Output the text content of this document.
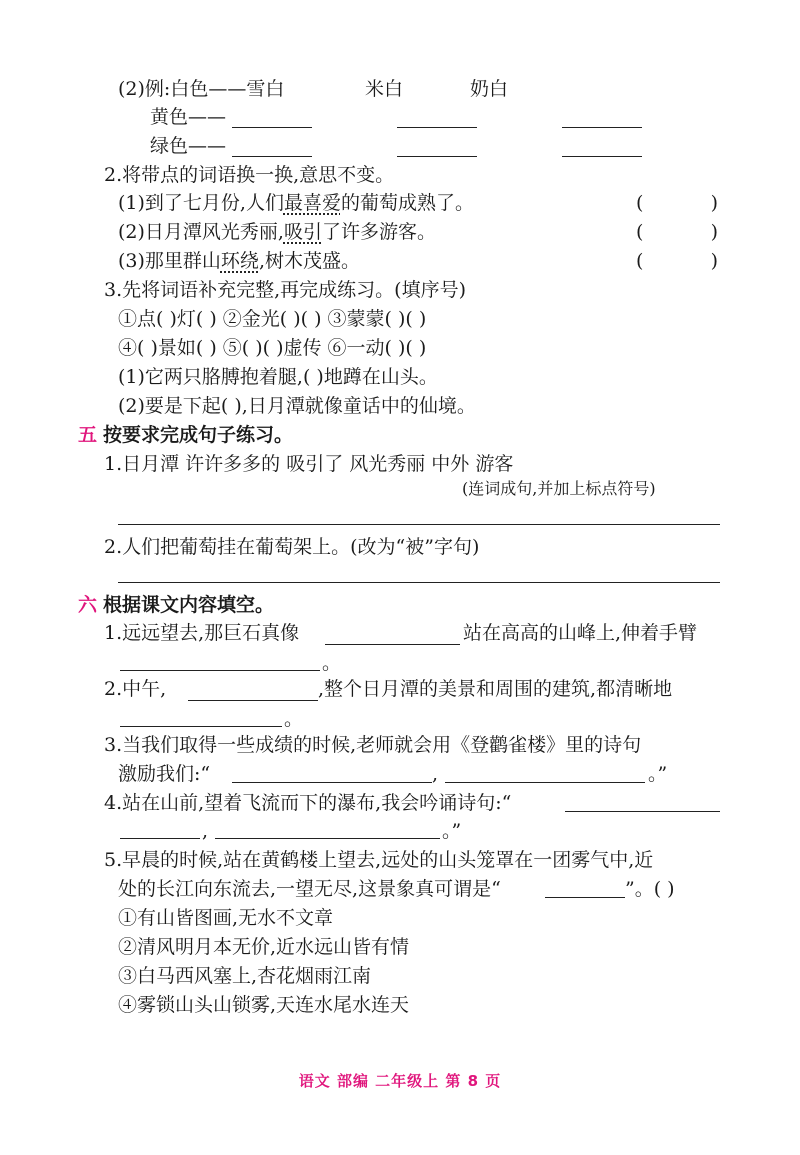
(2)例:白色——雪白	米白	奶白
黄色——
绿色——
2.将带点的词语换一换,意思不变。
(1)到了七月份,人们最喜爱的葡萄成熟了。	(	)
(2)日月潭风光秀丽,吸引了许多游客。	(	)
(3)那里群山环绕,树木茂盛。	(	)
3.先将词语补充完整,再完成练习。(填序号)
①点( )灯( ) ②金光( )( ) ③蒙蒙( )( )
④( )景如( ) ⑤( )( )虚传 ⑥一动( )( )
(1)它两只胳膊抱着腿,( )地蹲在山头。
(2)要是下起( ),日月潭就像童话中的仙境。
五 按要求完成句子练习。
1.日月潭 许许多多的 吸引了 风光秀丽 中外 游客
(连词成句,并加上标点符号)
2.人们把葡萄挂在葡萄架上。(改为“被”字句)
六 根据课文内容填空。
1.远远望去,那巨石真像	站在高高的山峰上,伸着手臂
。
2.中午,	,整个日月潭的美景和周围的建筑,都清晰地
。
3.当我们取得一些成绩的时候,老师就会用《登鹳雀楼》里的诗句
激励我们:“	,	。”
4.站在山前,望着飞流而下的瀑布,我会吟诵诗句:“
,	。”
5.早晨的时候,站在黄鹤楼上望去,远处的山头笼罩在一团雾气中,近
处的长江向东流去,一望无尽,这景象真可谓是“	”。( )
①有山皆图画,无水不文章
②清风明月本无价,近水远山皆有情
③白马西风塞上,杏花烟雨江南
④雾锁山头山锁雾,天连水尾水连天
语文 部编 二年级上 第 8 页
